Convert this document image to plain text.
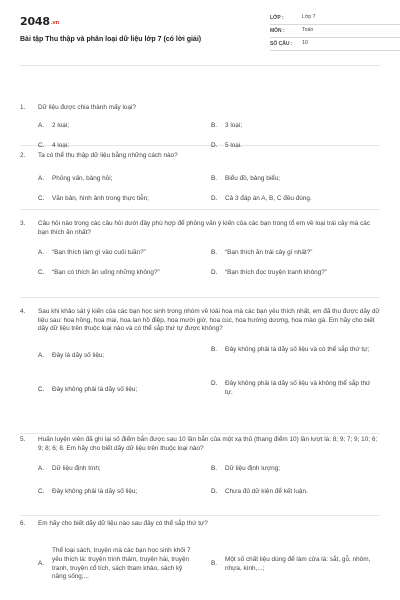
2048.vn
Bài tập Thu thập và phân loại dữ liệu lớp 7 (có lời giải)
LỚP :	Lớp 7
MÔN :	Toán
SỐ CÂU :	10
1.	Dữ liệu được chia thành mấy loại?
A.	2 loại;	B.	3 loại;
C.	4 loại;	D.	5 loại.
2.	Ta có thể thu thập dữ liệu bằng những cách nào?
A.	Phỏng vấn, bảng hỏi;	B.	Biểu đồ, bảng biểu;
C.	Văn bản, hình ảnh trong thực tiễn;	D.	Cả 3 đáp án A, B, C đều đúng.
3.	Câu hỏi nào trong các câu hỏi dưới đây phù hợp để phỏng vấn ý kiến của các bạn trong tổ em về loại trái cây mà các bạn thích ăn nhất?
A.	“Bạn thích làm gì vào cuối tuần?”	B.	“Bạn thích ăn trái cây gì nhất?”
C.	“Bạn có thích ăn uống những không?”	D.	“Bạn thích đọc truyện tranh không?”
4.	Sau khi khảo sát ý kiến của các bạn học sinh trong nhóm về loài hoa mà các bạn yêu thích nhất, em đã thu được dãy dữ liệu sau: hoa hồng, hoa mai, hoa lan hồ điệp, hoa mười giờ, hoa cúc, hoa hướng dương, hoa mào gà. Em hãy cho biết dãy dữ liệu trên thuộc loại nào và có thể sắp thứ tự được không?
A.	Đây là dãy số liệu;
B.	Đây không phải là dãy số liệu và có thể sắp thứ tự;
C.	Đây không phải là dãy số liệu;
D.	Đây không phải là dãy số liệu và không thể sắp thứ tự.
5.	Huấn luyện viên đã ghi lại số điểm bắn được sau 10 lần bắn của một xạ thủ (thang điểm 10) lần lượt là: 8; 9; 7; 9; 10; 6; 9; 8; 6; 8. Em hãy cho biết dãy dữ liệu trên thuộc loại nào?
A.	Dữ liệu định tính;	B.	Dữ liệu định lượng;
C.	Đây không phải là dãy số liệu;	D.	Chưa đủ dữ kiện để kết luận.
6.	Em hãy cho biết dãy dữ liệu nào sau đây có thể sắp thứ tự?
A.
Thể loại sách, truyện mà các bạn học sinh khối 7 yêu thích là: truyện trinh thám, truyện hài, truyện tranh, truyện cổ tích, sách tham khảo, sách kỹ năng sống;...
B.
Một số chất liệu dùng để làm cửa là: sắt, gỗ, nhôm, nhựa, kính,...;
